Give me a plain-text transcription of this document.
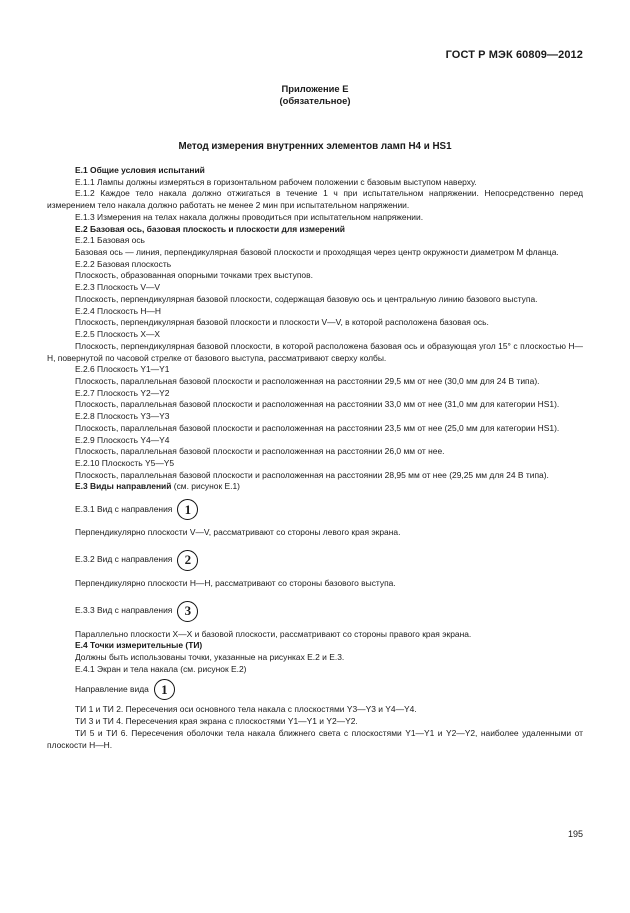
ГОСТ Р МЭК 60809—2012
Приложение Е
(обязательное)
Метод измерения внутренних элементов ламп Н4 и HS1

Е.1 Общие условия испытаний

Е.1.1 Лампы должны измеряться в горизонтальном рабочем положении с базовым выступом наверху.

Е.1.2 Каждое тело накала должно отжигаться в течение 1 ч при испытательном напряжении. Непосредственно перед измерением тело накала должно работать не менее 2 мин при испытательном напряжении.

Е.1.3 Измерения на телах накала должны проводиться при испытательном напряжении.

Е.2 Базовая ось, базовая плоскость и плоскости для измерений

Е.2.1 Базовая ось

Базовая ось — линия, перпендикулярная базовой плоскости и проходящая через центр окружности диаметром М фланца.

Е.2.2 Базовая плоскость

Плоскость, образованная опорными точками трех выступов.

Е.2.3 Плоскость V—V

Плоскость, перпендикулярная базовой плоскости, содержащая базовую ось и центральную линию базового выступа.

Е.2.4 Плоскость Н—Н

Плоскость, перпендикулярная базовой плоскости и плоскости V—V, в которой расположена базовая ось.

Е.2.5 Плоскость X—X

Плоскость, перпендикулярная базовой плоскости, в которой расположена базовая ось и образующая угол 15° с плоскостью Н—Н, повернутой по часовой стрелке от базового выступа, рассматривают сверху колбы.

Е.2.6 Плоскость Y1—Y1

Плоскость, параллельная базовой плоскости и расположенная на расстоянии 29,5 мм от нее (30,0 мм для 24 В типа).

Е.2.7 Плоскость Y2—Y2

Плоскость, параллельная базовой плоскости и расположенная на расстоянии 33,0 мм от нее (31,0 мм для категории HS1).

Е.2.8 Плоскость Y3—Y3

Плоскость, параллельная базовой плоскости и расположенная на расстоянии 23,5 мм от нее (25,0 мм для категории HS1).

Е.2.9 Плоскость Y4—Y4

Плоскость, параллельная базовой плоскости и расположенная на расстоянии 26,0 мм от нее.

Е.2.10 Плоскость Y5—Y5

Плоскость, параллельная базовой плоскости и расположенная на расстоянии 28,95 мм от нее (29,25 мм для 24 В типа).

Е.3 Виды направлений (см. рисунок Е.1)

Е.3.1 Вид с направления 1

Перпендикулярно плоскости V—V, рассматривают со стороны левого края экрана.

Е.3.2 Вид с направления 2

Перпендикулярно плоскости Н—Н, рассматривают со стороны базового выступа.

Е.3.3 Вид с направления 3

Параллельно плоскости X—X и базовой плоскости, рассматривают со стороны правого края экрана.

Е.4 Точки измерительные (ТИ)

Должны быть использованы точки, указанные на рисунках Е.2 и Е.3.

Е.4.1 Экран и тела накала (см. рисунок Е.2)

Направление вида 1

ТИ 1 и ТИ 2. Пересечения оси основного тела накала с плоскостями Y3—Y3 и Y4—Y4.

ТИ 3 и ТИ 4. Пересечения края экрана с плоскостями Y1—Y1 и Y2—Y2.

ТИ 5 и ТИ 6. Пересечения оболочки тела накала ближнего света с плоскостями Y1—Y1 и Y2—Y2, наиболее удаленными от плоскости Н—Н.

195
